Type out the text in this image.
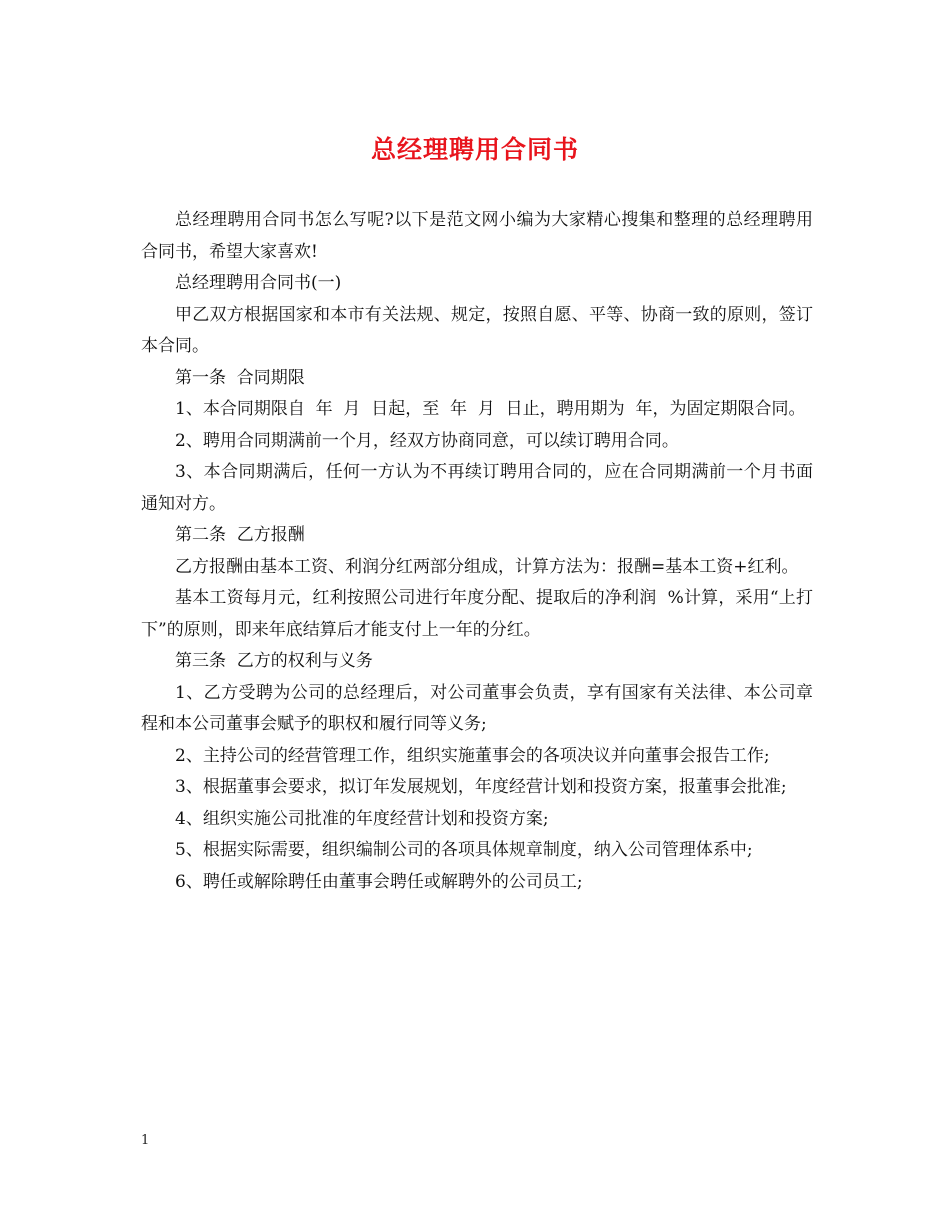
总经理聘用合同书

总经理聘用合同书怎么写呢?以下是范文网小编为大家精心搜集和整理的总经理聘用合同书，希望大家喜欢!

总经理聘用合同书(一)

甲乙双方根据国家和本市有关法规、规定，按照自愿、平等、协商一致的原则，签订本合同。

第一条  合同期限

1、本合同期限自  年  月  日起，至  年  月  日止，聘用期为  年，为固定期限合同。

2、聘用合同期满前一个月，经双方协商同意，可以续订聘用合同。

3、本合同期满后，任何一方认为不再续订聘用合同的，应在合同期满前一个月书面通知对方。

第二条  乙方报酬

乙方报酬由基本工资、利润分红两部分组成，计算方法为：报酬=基本工资+红利。

基本工资每月元，红利按照公司进行年度分配、提取后的净利润  %计算，采用“上打下”的原则，即来年底结算后才能支付上一年的分红。

第三条  乙方的权利与义务

1、乙方受聘为公司的总经理后，对公司董事会负责，享有国家有关法律、本公司章程和本公司董事会赋予的职权和履行同等义务;

2、主持公司的经营管理工作，组织实施董事会的各项决议并向董事会报告工作;

3、根据董事会要求，拟订年发展规划，年度经营计划和投资方案，报董事会批准;

4、组织实施公司批准的年度经营计划和投资方案;

5、根据实际需要，组织编制公司的各项具体规章制度，纳入公司管理体系中;

6、聘任或解除聘任由董事会聘任或解聘外的公司员工;

1
